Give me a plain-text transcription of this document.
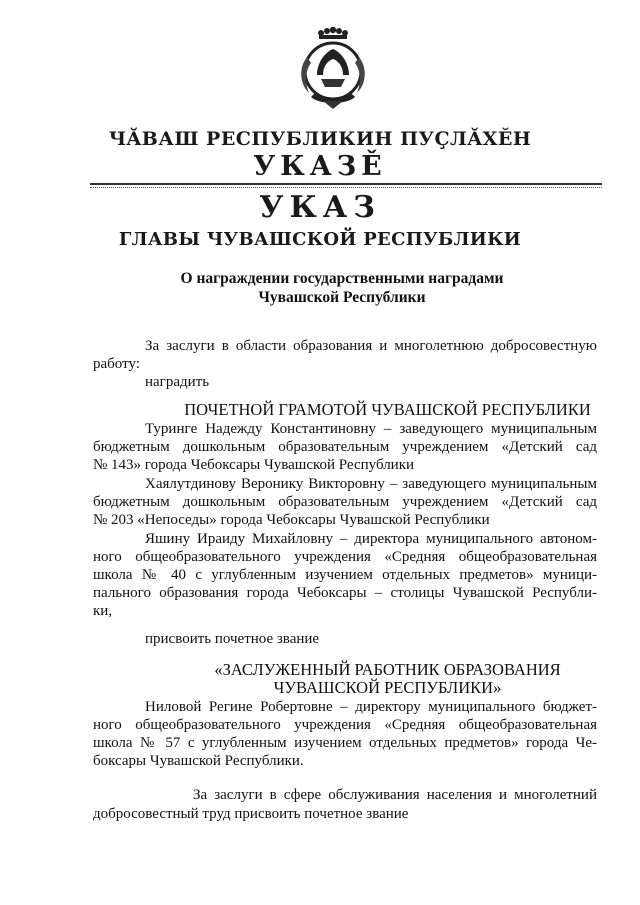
ЧĂВАШ РЕСПУБЛИКИН ПУÇЛĂХĔН
УКАЗĚ
УКАЗ
ГЛАВЫ ЧУВАШСКОЙ РЕСПУБЛИКИ
О награждении государственными наградами
Чувашской Республики
За заслуги в области образования и многолетнюю добросовестную
работу:
наградить
ПОЧЕТНОЙ ГРАМОТОЙ ЧУВАШСКОЙ РЕСПУБЛИКИ
Турингe Надежду Константиновну – заведующего муниципальным
бюджетным дошкольным образовательным учреждением «Детский сад
№ 143» города Чебоксары Чувашской Республики
Хаялутдинову Веронику Викторовну – заведующего муниципальным
бюджетным дошкольным образовательным учреждением «Детский сад
№ 203 «Непоседы» города Чебоксары Чувашской Республики
Яшину Ираиду Михайловну – директора муниципального автоном-
ного общеобразовательного учреждения «Средняя общеобразовательная
школа № 40 с углубленным изучением отдельных предметов» муници-
пального образования города Чебоксары – столицы Чувашской Республи-
ки,
присвоить почетное звание
«ЗАСЛУЖЕННЫЙ РАБОТНИК ОБРАЗОВАНИЯ
ЧУВАШСКОЙ РЕСПУБЛИКИ»
Ниловой Регине Робертовне – директору муниципального бюджет-
ного общеобразовательного учреждения «Средняя общеобразовательная
школа № 57 с углубленным изучением отдельных предметов» города Че-
боксары Чувашской Республики.
За заслуги в сфере обслуживания населения и многолетний
добросовестный труд присвоить почетное звание
